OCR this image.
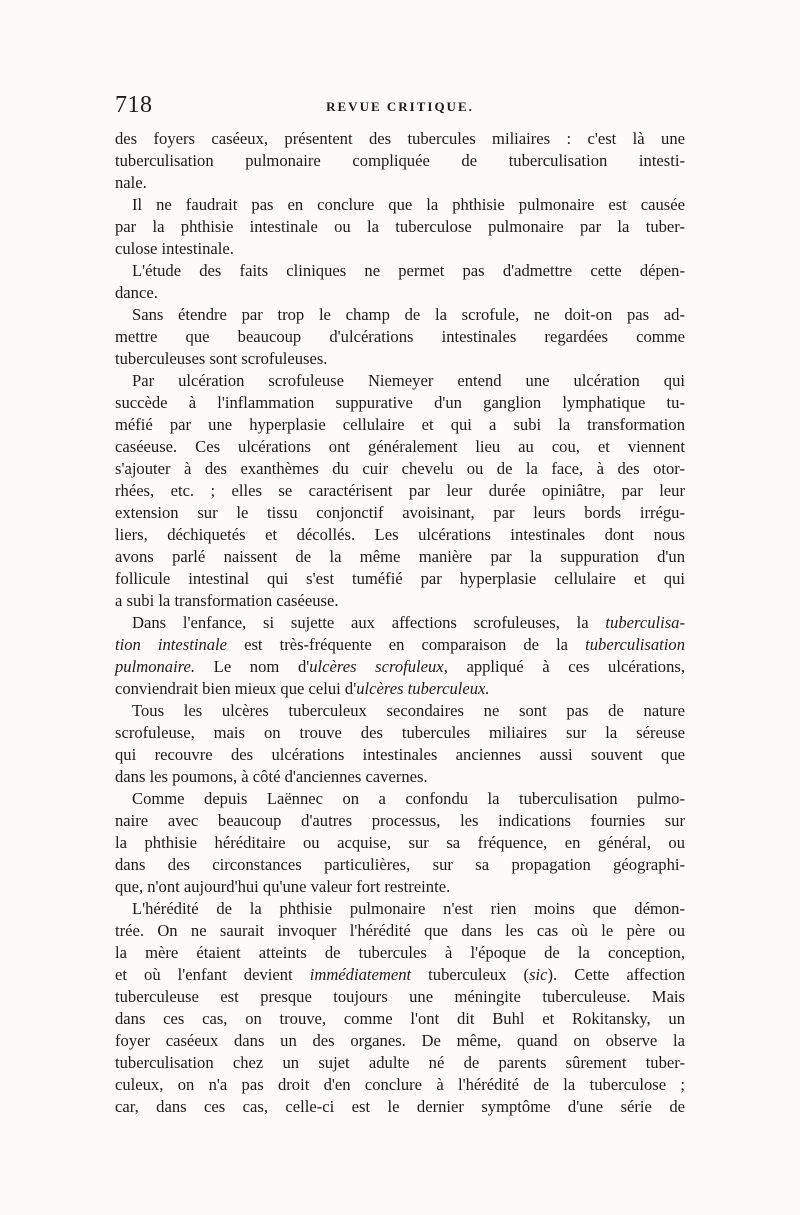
718	REVUE CRITIQUE.
des foyers caséeux, présentent des tubercules miliaires : c'est là une
tuberculisation pulmonaire compliquée de tuberculisation intesti-
nale.
Il ne faudrait pas en conclure que la phthisie pulmonaire est causée
par la phthisie intestinale ou la tuberculose pulmonaire par la tuber-
culose intestinale.
L'étude des faits cliniques ne permet pas d'admettre cette dépen-
dance.
Sans étendre par trop le champ de la scrofule, ne doit-on pas ad-
mettre que beaucoup d'ulcérations intestinales regardées comme
tuberculeuses sont scrofuleuses.
Par ulcération scrofuleuse Niemeyer entend une ulcération qui
succède à l'inflammation suppurative d'un ganglion lymphatique tu-
méfié par une hyperplasie cellulaire et qui a subi la transformation
caséeuse. Ces ulcérations ont généralement lieu au cou, et viennent
s'ajouter à des exanthèmes du cuir chevelu ou de la face, à des otor-
rhées, etc. ; elles se caractérisent par leur durée opiniâtre, par leur
extension sur le tissu conjonctif avoisinant, par leurs bords irrégu-
liers, déchiquetés et décollés. Les ulcérations intestinales dont nous
avons parlé naissent de la même manière par la suppuration d'un
follicule intestinal qui s'est tuméfié par hyperplasie cellulaire et qui
a subi la transformation caséeuse.
Dans l'enfance, si sujette aux affections scrofuleuses, la tuberculisa-
tion intestinale est très-fréquente en comparaison de la tuberculisation
pulmonaire. Le nom d'ulcères scrofuleux, appliqué à ces ulcérations,
conviendrait bien mieux que celui d'ulcères tuberculeux.
Tous les ulcères tuberculeux secondaires ne sont pas de nature
scrofuleuse, mais on trouve des tubercules miliaires sur la séreuse
qui recouvre des ulcérations intestinales anciennes aussi souvent que
dans les poumons, à côté d'anciennes cavernes.
Comme depuis Laënnec on a confondu la tuberculisation pulmo-
naire avec beaucoup d'autres processus, les indications fournies sur
la phthisie héréditaire ou acquise, sur sa fréquence, en général, ou
dans des circonstances particulières, sur sa propagation géographi-
que, n'ont aujourd'hui qu'une valeur fort restreinte.
L'hérédité de la phthisie pulmonaire n'est rien moins que démon-
trée. On ne saurait invoquer l'hérédité que dans les cas où le père ou
la mère étaient atteints de tubercules à l'époque de la conception,
et où l'enfant devient immédiatement tuberculeux (sic). Cette affection
tuberculeuse est presque toujours une méningite tuberculeuse. Mais
dans ces cas, on trouve, comme l'ont dit Buhl et Rokitansky, un
foyer caséeux dans un des organes. De même, quand on observe la
tuberculisation chez un sujet adulte né de parents sûrement tuber-
culeux, on n'a pas droit d'en conclure à l'hérédité de la tuberculose ;
car, dans ces cas, celle-ci est le dernier symptôme d'une série de
